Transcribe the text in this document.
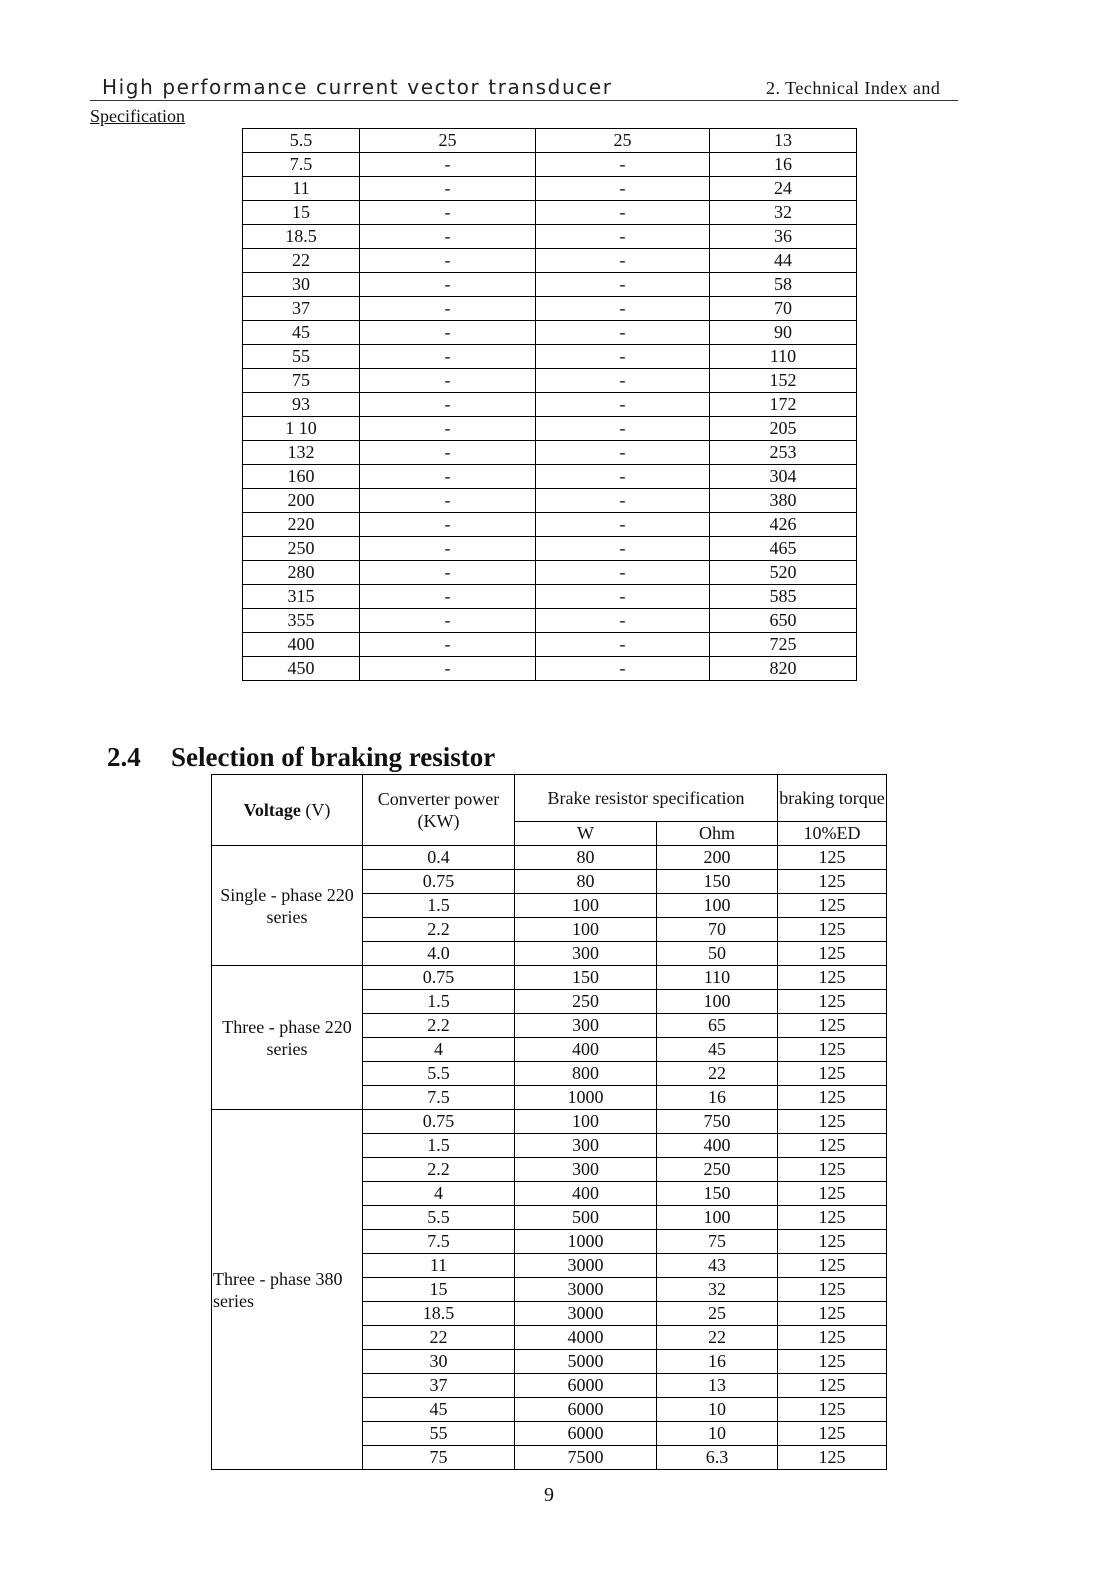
High performance current vector transducer	2. Technical Index and
Specification
5.5	25	25	13
7.5	-	-	16
11	-	-	24
15	-	-	32
18.5	-	-	36
22	-	-	44
30	-	-	58
37	-	-	70
45	-	-	90
55	-	-	110
75	-	-	152
93	-	-	172
1 10	-	-	205
132	-	-	253
160	-	-	304
200	-	-	380
220	-	-	426
250	-	-	465
280	-	-	520
315	-	-	585
355	-	-	650
400	-	-	725
450	-	-	820
2.4 Selection of braking resistor
Voltage (V)	Converter power (KW)	Brake resistor specification		braking torque

		W	Ohm	10%ED
Single - phase 220 series	0.4	80	200	125
	0.75	80	150	125
	1.5	100	100	125
	2.2	100	70	125
	4.0	300	50	125
Three - phase 220 series	0.75	150	110	125
	1.5	250	100	125
	2.2	300	65	125
	4	400	45	125
	5.5	800	22	125
	7.5	1000	16	125
Three - phase 380 series	0.75	100	750	125
	1.5	300	400	125
	2.2	300	250	125
	4	400	150	125
	5.5	500	100	125
	7.5	1000	75	125
	11	3000	43	125
	15	3000	32	125
	18.5	3000	25	125
	22	4000	22	125
	30	5000	16	125
	37	6000	13	125
	45	6000	10	125
	55	6000	10	125
	75	7500	6.3	125
9
